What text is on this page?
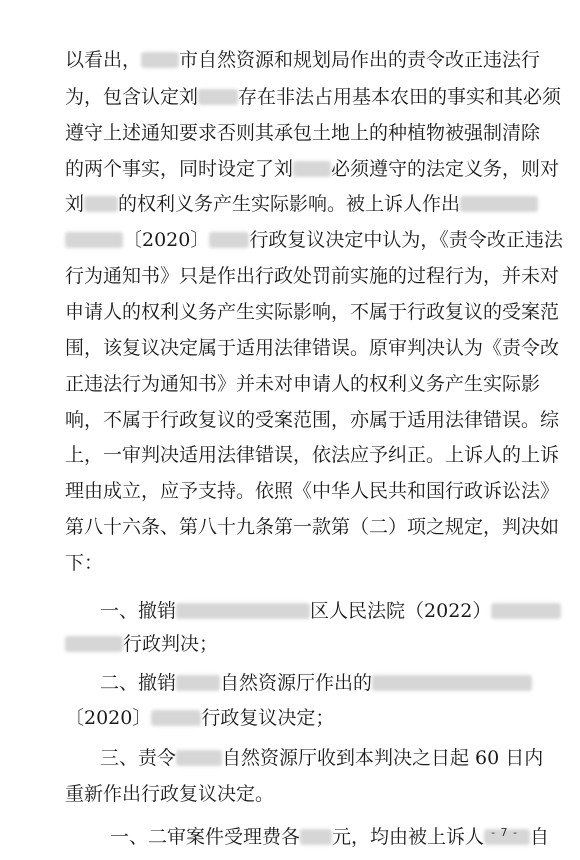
以看出， 市自然资源和规划局作出的责令改正违法行
为，包含认定刘 存在非法占用基本农田的事实和其必须
遵守上述通知要求否则其承包土地上的种植物被强制清除
的两个事实，同时设定了刘 必须遵守的法定义务，则对
刘 的权利义务产生实际影响。被上诉人作出
〔2020〕 行政复议决定中认为，《责令改正违法
行为通知书》只是作出行政处罚前实施的过程行为，并未对
申请人的权利义务产生实际影响，不属于行政复议的受案范
围，该复议决定属于适用法律错误。原审判决认为《责令改
正违法行为通知书》并未对申请人的权利义务产生实际影
响，不属于行政复议的受案范围，亦属于适用法律错误。综
上，一审判决适用法律错误，依法应予纠正。上诉人的上诉
理由成立，应予支持。依照《中华人民共和国行政诉讼法》
第八十六条、第八十九条第一款第（二）项之规定，判决如
下：
一、撤销	区人民法院（2022）
行政判决；
二、撤销 自然资源厅作出的
〔2020〕	行政复议决定；
三、责令 自然资源厅收到本判决之日起 60 日内
重新作出行政复议决定。
一、二审案件受理费各 元，均由被上诉人 自
- 7 -
